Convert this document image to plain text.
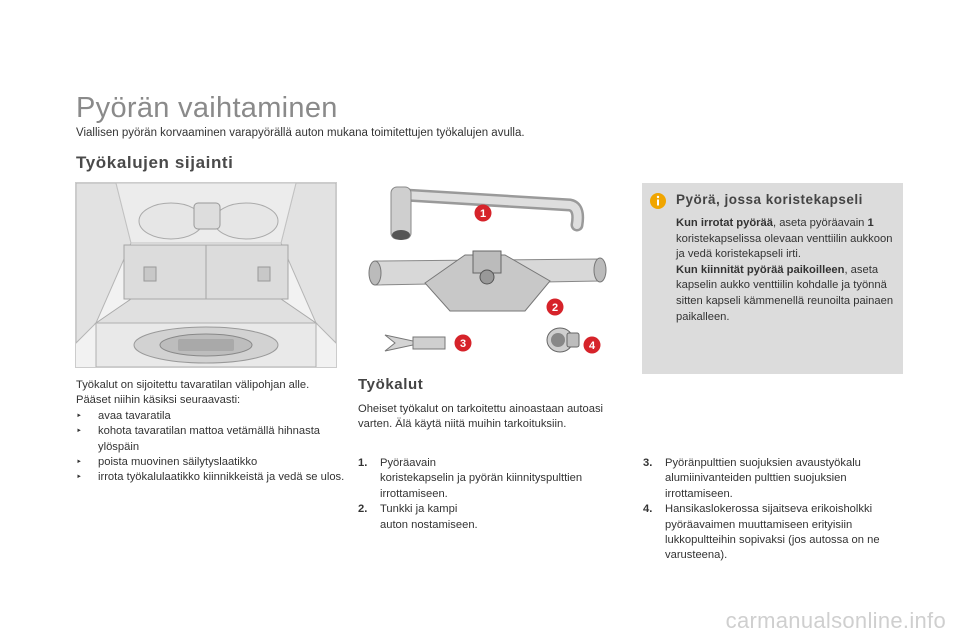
Pyörän vaihtaminen
Viallisen pyörän korvaaminen varapyörällä auton mukana toimitettujen työkalujen avulla.
Työkalujen sijainti
Työkalut on sijoitettu tavaratilan välipohjan alle. Pääset niihin käsiksi seuraavasti:
‣ avaa tavaratila
‣ kohota tavaratilan mattoa vetämällä hihnasta ylöspäin
‣ poista muovinen säilytyslaatikko
‣ irrota työkalulaatikko kiinnikkeistä ja vedä se ulos.
1
2
3	4
Työkalut
Oheiset työkalut on tarkoitettu ainoastaan autoasi varten. Älä käytä niitä muihin tarkoituksiin.
1. Pyöräavain
koristekapselin ja pyörän kiinnityspulttien irrottamiseen.
2. Tunkki ja kampi
auton nostamiseen.
3. Pyöränpulttien suojuksien avaustyökalu alumiinivanteiden pulttien suojuksien irrottamiseen.
4. Hansikaslokerossa sijaitseva erikoisholkki pyöräavaimen muuttamiseen erityisiin lukkopultteihin sopivaksi (jos autossa on ne varusteena).
Pyörä, jossa koristekapseli
Kun irrotat pyörää, aseta pyöräavain 1 koristekapselissa olevaan venttiilin aukkoon ja vedä koristekapseli irti.
Kun kiinnität pyörää paikoilleen, aseta kapselin aukko venttiilin kohdalle ja työnnä sitten kapseli kämmenellä reunoilta painaen paikalleen.
carmanualsonline.info
